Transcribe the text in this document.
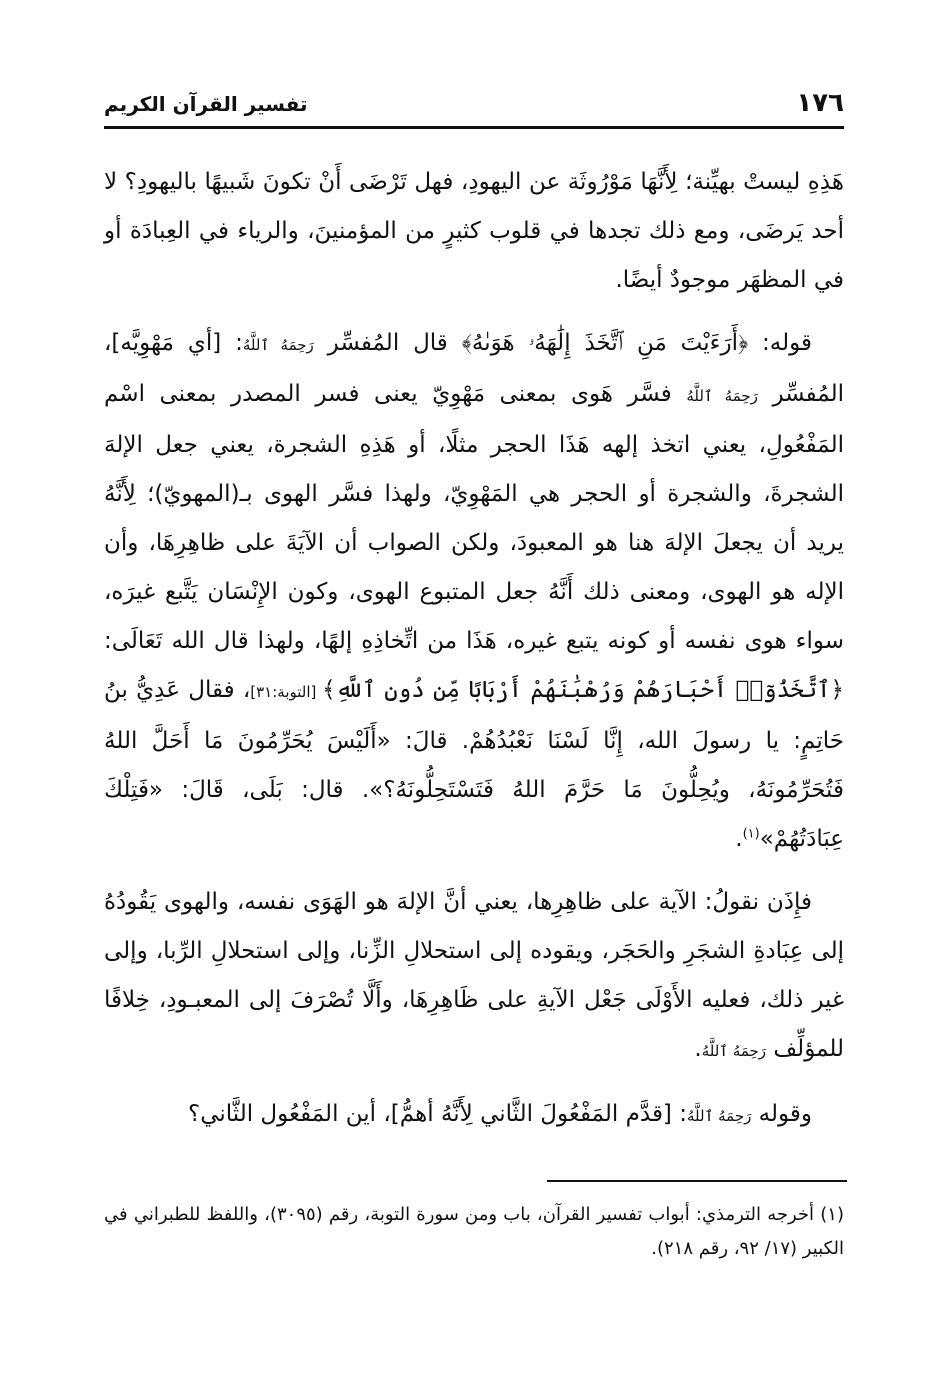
١٧٦
تفسير القرآن الكريم

هَذِهِ ليستْ بهيِّنة؛ لِأَنَّهَا مَوْرُوثَة عن اليهودِ، فهل تَرْضَى أَنْ تكونَ شَبيهًا باليهودِ؟ لا أحد يَرضَى، ومع ذلك تجدها في قلوب كثيرٍ من المؤمنينَ، والرياء في العِبادَة أو في المظهَر موجودٌ أيضًا.

قوله: ﴿أَرَءَيْتَ مَنِ ٱتَّخَذَ إِلَٰهَهُۥ هَوَىٰهُ﴾ قال المُفسِّر رَحِمَهُ ٱللَّهُ: [أي مَهْوِيَّه]، المُفسِّر رَحِمَهُ ٱللَّهُ فسَّر هَوى بمعنى مَهْوِيّ يعنى فسر المصدر بمعنى اسْم المَفْعُولِ، يعني اتخذ إلهه هَذَا الحجر مثلًا، أو هَذِهِ الشجرة، يعني جعل الإلهَ الشجرةَ، والشجرة أو الحجر هي المَهْوِيّ، ولهذا فسَّر الهوى بـ(المهويّ)؛ لِأَنَّهُ يريد أن يجعلَ الإلهَ هنا هو المعبودَ، ولكن الصواب أن الآيَةَ على ظاهِرِهَا، وأن الإله هو الهوى، ومعنى ذلك أَنَّهُ جعل المتبوع الهوى، وكون الإِنْسَان يَتَّبع غيرَه، سواء هوى نفسه أو كونه يتبع غيره، هَذَا من اتِّخاذِهِ إلهًا، ولهذا قال الله تَعَالَى: ﴿ٱتَّخَذُوٓا۟ أَحْبَارَهُمْ وَرُهْبَٰنَهُمْ أَرْبَابًا مِّن دُونِ ٱللَّهِ﴾ [التوبة:٣١]، فقال عَدِيُّ بنُ حَاتِمٍ: يا رسولَ الله، إِنَّا لَسْنَا نَعْبُدُهُمْ. قالَ: «أَلَيْسَ يُحَرِّمُونَ مَا أَحَلَّ اللهُ فَتُحَرِّمُونَهُ، ويُحِلُّونَ مَا حَرَّمَ اللهُ فَتَسْتَحِلُّونَهُ؟». قال: بَلَى، قَالَ: «فَتِلْكَ عِبَادَتُهُمْ»$^{(١)}$.

فإِذَن نقولُ: الآية على ظاهِرِها، يعني أنَّ الإلهَ هو الهَوَى نفسه، والهوى يَقُودُهُ إلى عِبَادةِ الشجَرِ والحَجَر، ويقوده إلى استحلالِ الزِّنا، وإلى استحلالِ الرِّبا، وإلى غير ذلك، فعليه الأَوْلَى جَعْل الآيةِ على ظَاهِرِهَا، وأَلَّا تُصْرَفَ إلى المعبـودِ، خِلافًا للمؤلِّف رَحِمَهُ ٱللَّهُ.

وقوله رَحِمَهُ ٱللَّهُ: [قدَّم المَفْعُولَ الثَّاني لِأَنَّهُ أهمُّ]، أين المَفْعُول الثَّاني؟

(١) أخرجه الترمذي: أبواب تفسير القرآن، باب ومن سورة التوبة، رقم (٣٠٩٥)، واللفظ للطبراني في الكبير (١٧/ ٩٢، رقم ٢١٨).
